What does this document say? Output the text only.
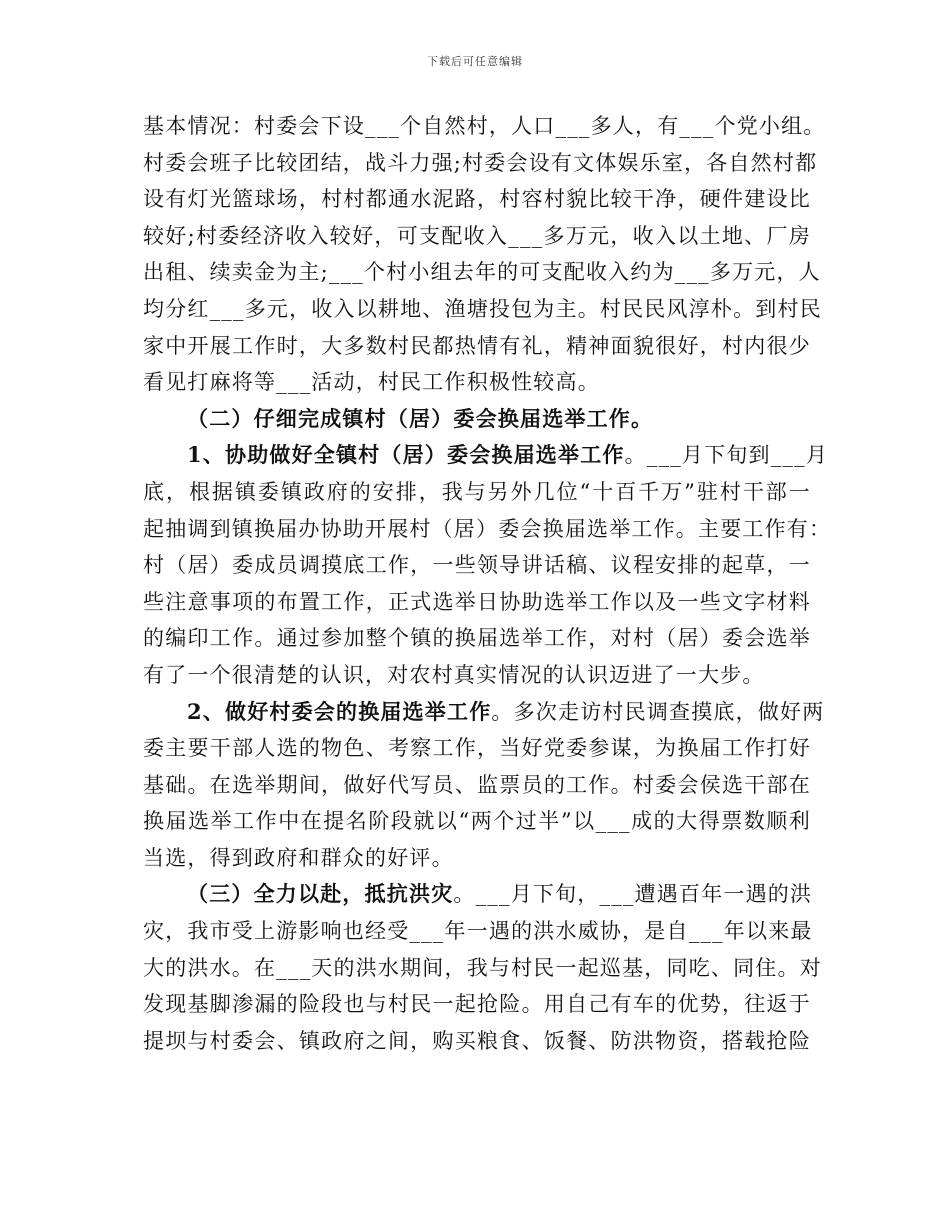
下载后可任意编辑
基本情况：村委会下设___个自然村，人口___多人，有___个党小组。
村委会班子比较团结，战斗力强;村委会设有文体娱乐室，各自然村都
设有灯光篮球场，村村都通水泥路，村容村貌比较干净，硬件建设比
较好;村委经济收入较好，可支配收入___多万元，收入以土地、厂房
出租、续卖金为主;___个村小组去年的可支配收入约为___多万元，人
均分红___多元，收入以耕地、渔塘投包为主。村民民风淳朴。到村民
家中开展工作时，大多数村民都热情有礼，精神面貌很好，村内很少
看见打麻将等___活动，村民工作积极性较高。
（二）仔细完成镇村（居）委会换届选举工作。
1、协助做好全镇村（居）委会换届选举工作。___月下旬到___月
底，根据镇委镇政府的安排，我与另外几位“十百千万”驻村干部一
起抽调到镇换届办协助开展村（居）委会换届选举工作。主要工作有：
村（居）委成员调摸底工作，一些领导讲话稿、议程安排的起草，一
些注意事项的布置工作，正式选举日协助选举工作以及一些文字材料
的编印工作。通过参加整个镇的换届选举工作，对村（居）委会选举
有了一个很清楚的认识，对农村真实情况的认识迈进了一大步。
2、做好村委会的换届选举工作。多次走访村民调查摸底，做好两
委主要干部人选的物色、考察工作，当好党委参谋，为换届工作打好
基础。在选举期间，做好代写员、监票员的工作。村委会侯选干部在
换届选举工作中在提名阶段就以“两个过半”以___成的大得票数顺利
当选，得到政府和群众的好评。
（三）全力以赴，抵抗洪灾。___月下旬，___遭遇百年一遇的洪
灾，我市受上游影响也经受___年一遇的洪水威协，是自___年以来最
大的洪水。在___天的洪水期间，我与村民一起巡基，同吃、同住。对
发现基脚渗漏的险段也与村民一起抢险。用自己有车的优势，往返于
提坝与村委会、镇政府之间，购买粮食、饭餐、防洪物资，搭载抢险
